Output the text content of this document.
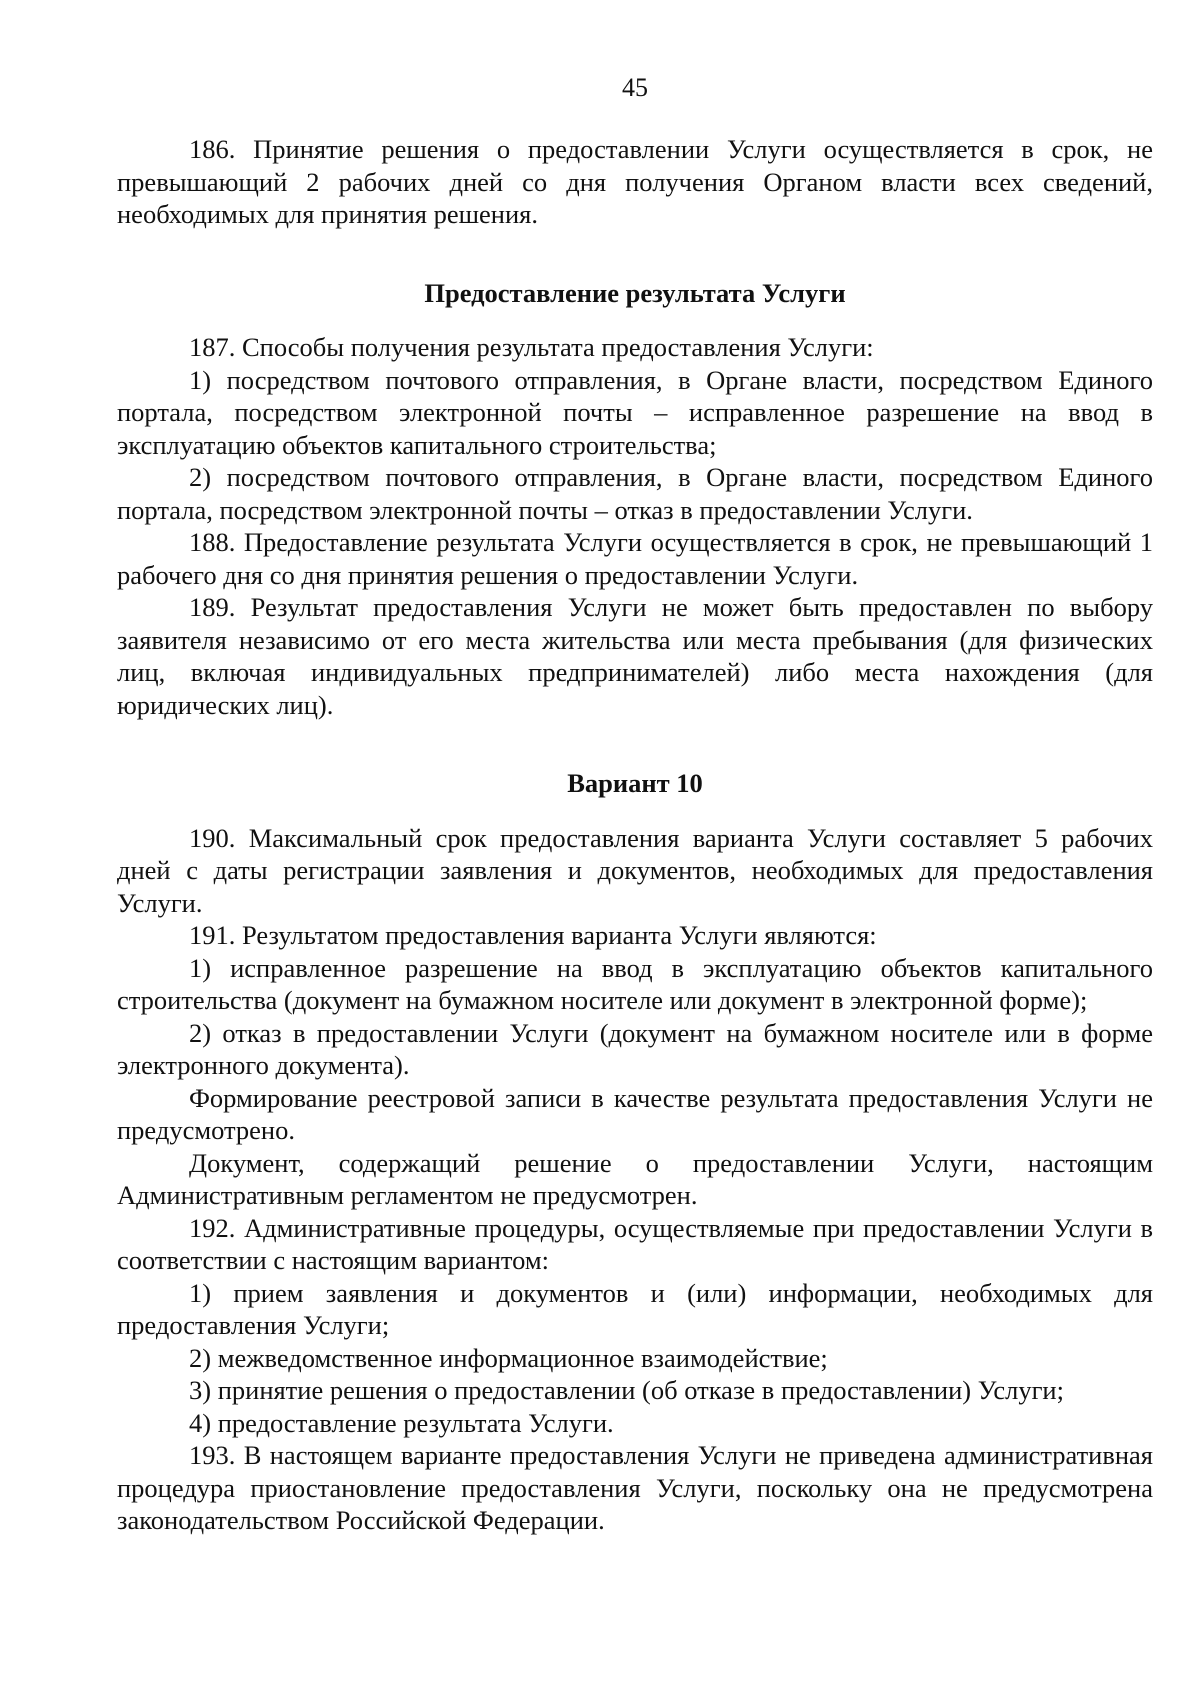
45

186. Принятие решения о предоставлении Услуги осуществляется в срок, не превышающий 2 рабочих дней со дня получения Органом власти всех сведений, необходимых для принятия решения.

Предоставление результата Услуги

187. Способы получения результата предоставления Услуги:

1) посредством почтового отправления, в Органе власти, посредством Единого портала, посредством электронной почты – исправленное разрешение на ввод в эксплуатацию объектов капитального строительства;

2) посредством почтового отправления, в Органе власти, посредством Единого портала, посредством электронной почты – отказ в предоставлении Услуги.

188. Предоставление результата Услуги осуществляется в срок, не превышающий 1 рабочего дня со дня принятия решения о предоставлении Услуги.

189. Результат предоставления Услуги не может быть предоставлен по выбору заявителя независимо от его места жительства или места пребывания (для физических лиц, включая индивидуальных предпринимателей) либо места нахождения (для юридических лиц).

Вариант 10

190. Максимальный срок предоставления варианта Услуги составляет 5 рабочих дней с даты регистрации заявления и документов, необходимых для предоставления Услуги.

191. Результатом предоставления варианта Услуги являются:

1) исправленное разрешение на ввод в эксплуатацию объектов капитального строительства (документ на бумажном носителе или документ в электронной форме);

2) отказ в предоставлении Услуги (документ на бумажном носителе или в форме электронного документа).

Формирование реестровой записи в качестве результата предоставления Услуги не предусмотрено.

Документ, содержащий решение о предоставлении Услуги, настоящим Административным регламентом не предусмотрен.

192. Административные процедуры, осуществляемые при предоставлении Услуги в соответствии с настоящим вариантом:

1) прием заявления и документов и (или) информации, необходимых для предоставления Услуги;

2) межведомственное информационное взаимодействие;

3) принятие решения о предоставлении (об отказе в предоставлении) Услуги;

4) предоставление результата Услуги.

193. В настоящем варианте предоставления Услуги не приведена административная процедура приостановление предоставления Услуги, поскольку она не предусмотрена законодательством Российской Федерации.
